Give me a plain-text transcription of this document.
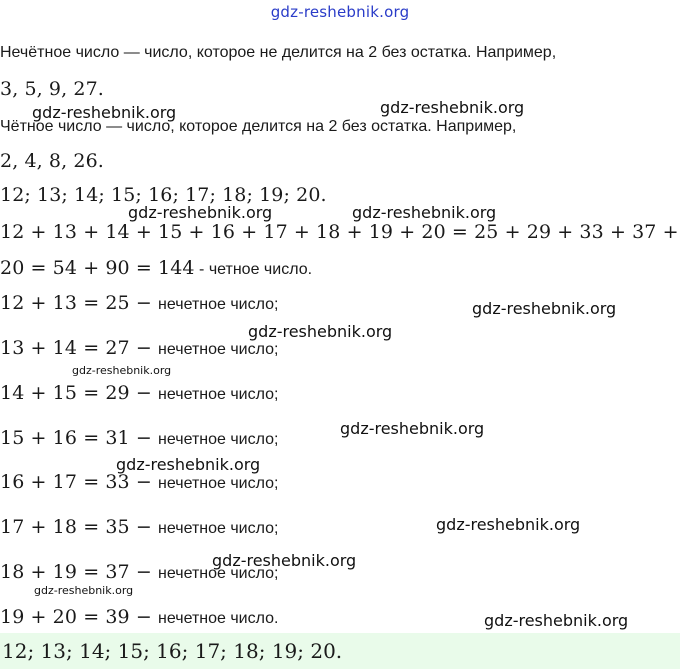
gdz-reshebnik.org
Нечётное число — число, которое не делится на 2 без остатка. Например,
3, 5, 9, 27.
Чётное число — число, которое делится на 2 без остатка. Например,
2, 4, 8, 26.
12; 13; 14; 15; 16; 17; 18; 19; 20.
12 + 13 + 14 + 15 + 16 + 17 + 18 + 19 + 20 = 25 + 29 + 33 + 37 +
20 = 54 + 90 = 144 - четное число.
12 + 13 = 25 − нечетное число;
13 + 14 = 27 − нечетное число;
14 + 15 = 29 − нечетное число;
15 + 16 = 31 − нечетное число;
16 + 17 = 33 − нечетное число;
17 + 18 = 35 − нечетное число;
18 + 19 = 37 − нечетное число;
19 + 20 = 39 − нечетное число.
12; 13; 14; 15; 16; 17; 18; 19; 20.
gdz-reshebnik.org	gdz-reshebnik.org
gdz-reshebnik.org	gdz-reshebnik.org
gdz-reshebnik.org
gdz-reshebnik.org
gdz-reshebnik.org
gdz-reshebnik.org
gdz-reshebnik.org
gdz-reshebnik.org
gdz-reshebnik.org
gdz-reshebnik.org
gdz-reshebnik.org
